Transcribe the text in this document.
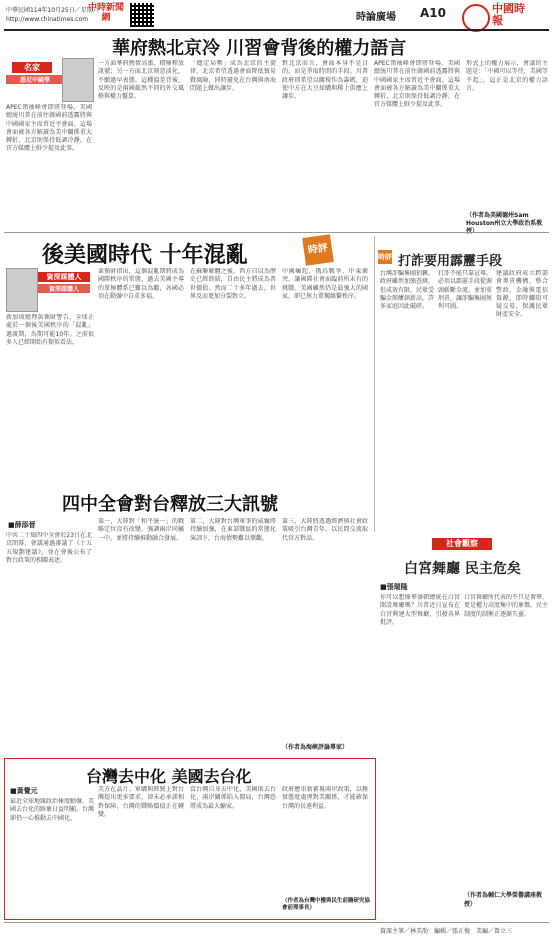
中華民國114年10月25日／星期六
http://www.chinatimes.com
中時新聞網	時論廣場 A10	中國時報
華府熱北京冷 川習會背後的權力語言
名家
悉尼中國學
APEC領袖峰會即將登場，美國總統川普在前往韓國前透露將與中國國家主席習近平會面。這場會面被各方解讀為美中關係重大轉折，北京則保持低調冷靜，在官方媒體上鮮少提及此事。
一方面華府熱情高漲，積極釋放訊號；另一方面北京刻意淡化，不願過早表態。這種溫差背後，反映的是兩國截然不同的外交風格與權力盤算。
「穩定局勢」成為北京的主旋律，北京希望透過會面降低貿易戰風險，同時避免在台灣與南海問題上做出讓步。
對北京而言，會面本身不是目的，而是爭取時間的手段。川普政府則希望以關稅作為籌碼，迫使中方在大豆採購與稀土供應上讓步。
APEC領袖峰會即將登場，美國總統川普在前往韓國前透露將與中國國家主席習近平會面。這場會面被各方解讀為美中關係重大轉折，北京則保持低調冷靜，在官方媒體上鮮少提及此事。
形式上的權力展示，會議的主題是：「中國可以等待，美國等不起」，這正是北京的權力語言。
（作者為美國德州Sam Houston州立大學政治系教
後美國時代 十年混亂	時評
資深媒體人
資深媒體人
新加坡總理黃循財警告，全球正處於一個後美國秩序的「混亂」過渡期，為期可能10年。之前很多人已經開始有類似看法。
黃循財指出，這個混亂期將成為國際秩序的常態，過去美國主導的單極體系已難以為繼，各國必須在動盪中自求多福。
在蘇聯解體之後，西方自以為歷史已經終結，自由民主將成為普世價值。然而二十多年過去，世界反而更加分裂對立。
中國崛起、俄烏戰爭、中東衝突，讓國際社會面臨前所未有的挑戰。美國雖然仍是最強大的國家，卻已無力單獨維繫秩序。
時評 打詐要用霹靂手段
台灣詐騙集團猖獗，政府雖然加強查緝，但成效有限。民眾受騙金額屢創新高，許多家庭因此破碎。
打詐不能只靠宣導，必須以霹靂手段從源頭斬斷金流，並加重刑責，讓詐騙集團無利可圖。
建議政府成立跨部會專責機構，整合警政、金融與電信資源，即時攔阻可疑交易，保護民眾財產安全。
四中全會對台釋放三大訊號
■薛添晉
中共二十屆四中全會於23日在北京閉幕，會議通過審議了《十五五規劃建議》，並在會後公布了對台政策的相關表述。
第一，大陸對「和平統一」的戰略定位沒有改變，強調兩岸同屬一中，並將持續推動融合發展。
第二，大陸對台灣軍事的威懾將持續加強，在東部戰區的常態化演訓下，台海情勢難以樂觀。
第三，大陸將透過經濟與社會政策吸引台灣青年，以民間交流取代官方對話。
（作者為海峽評論專家）
社會觀察
白宮舞廳 民主危矣
■張瑞隆
你可以想像華盛頓總統在白宮開設舞廳嗎？川普近日宣布在白宮興建大型舞廳，引發各界批評。
白宮舞廳所代表的不只是奢華，更是權力高度集中的象徵。民主制度的制衡正逐漸失靈。
（作者為輔仁大學榮譽講座教授）
台灣去中化 美國去台化
■黃覺元
最近全球地緣政治極度動盪，美國去台化的跡象日益明顯，台灣卻仍一心推動去中國化。
美方在晶片、軍購與經貿上對台灣提出更多要求，卻未必承諾相對保障，台灣的戰略價值正在轉變。
當台灣自身去中化、美國則去台化，兩岸關係陷入僵局，台灣恐將成為最大輸家。
政府應重新審視兩岸政策，以務實態度處理對美關係，才能確保台灣的長遠利益。
（作者為台灣中樓與民生前瞻研究協會前理事長）
資深主筆／林美劭　編輯／張正俊　美編／曾立三
